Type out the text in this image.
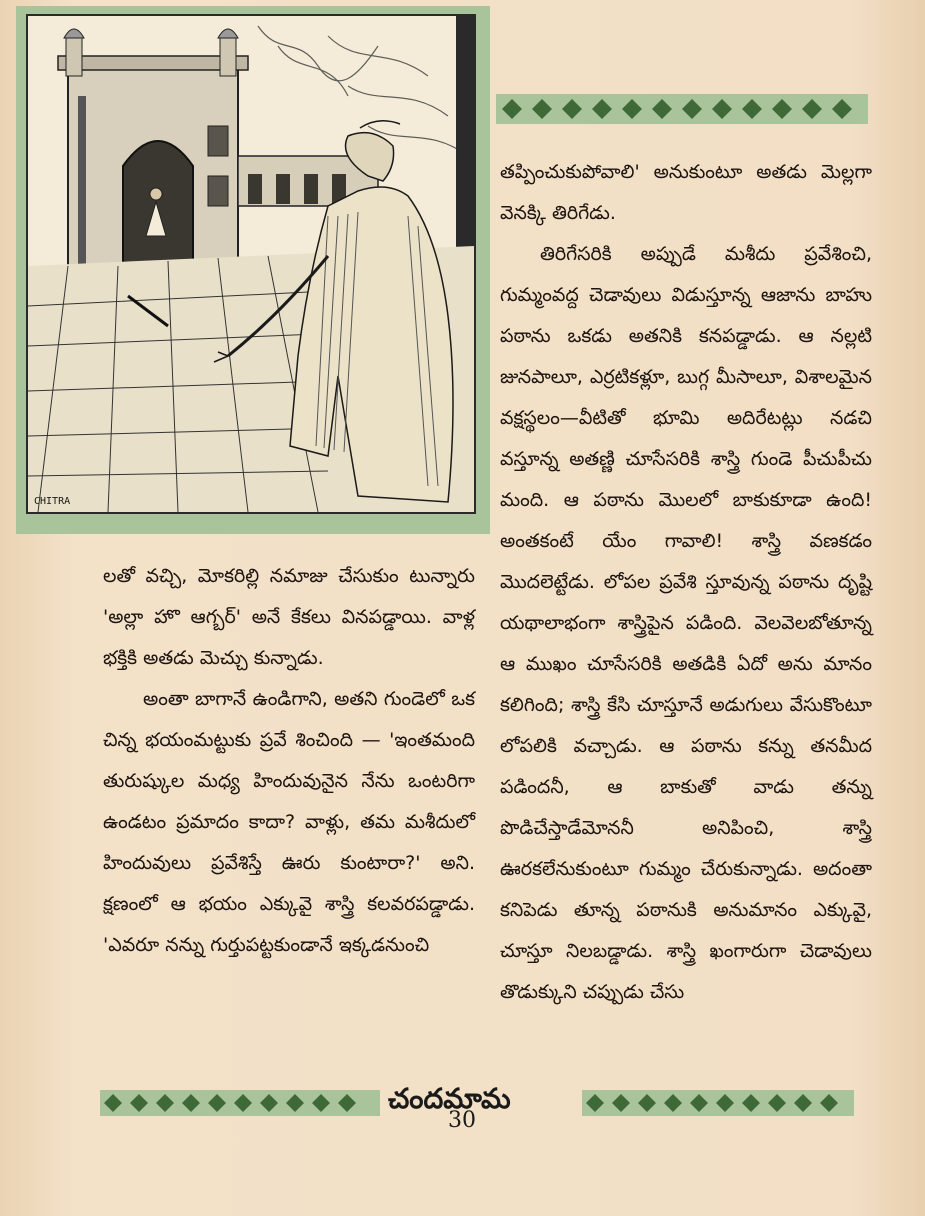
CHITRA

లతో వచ్చి, మోకరిల్లి నమాజు చేసుకుం టున్నారు 'అల్లా హొ ఆగ్బర్' అనే కేకలు వినపడ్డాయి. వాళ్ల భక్తికి అతడు మెచ్చు కున్నాడు.

అంతా బాగానే ఉండిగాని, అతని గుండెలో ఒక చిన్న భయంమట్టుకు ప్రవే శించింది — 'ఇంతమంది తురుష్కుల మధ్య హిందువునైన నేను ఒంటరిగా ఉండటం ప్రమాదం కాదా? వాళ్లు, తమ మశీదులో హిందువులు ప్రవేశిస్తే ఊరు కుంటారా?' అని. క్షణంలో ఆ భయం ఎక్కువై శాస్త్రి కలవరపడ్డాడు. 'ఎవరూ నన్ను గుర్తుపట్టకుండానే ఇక్కడనుంచి

తప్పించుకుపోవాలి' అనుకుంటూ అతడు మెల్లగా వెనక్కి తిరిగేడు.

తిరిగేసరికి అప్పుడే మశీదు ప్రవేశించి, గుమ్మంవద్ద చెడావులు విడుస్తూన్న ఆజాను బాహు పఠాను ఒకడు అతనికి కనపడ్డాడు. ఆ నల్లటి జునపాలూ, ఎర్రటికళ్లూ, బుగ్గ మీసాలూ, విశాలమైన వక్షస్థలం—వీటితో భూమి అదిరేటట్లు నడచి వస్తూన్న అతణ్ణి చూసేసరికి శాస్త్రి గుండె పీచుపీచు మంది. ఆ పఠాను మొలలో బాకుకూడా ఉంది! అంతకంటే యేం గావాలి! శాస్త్రి వణకడం మొదలెట్టేడు. లోపల ప్రవేశి స్తూవున్న పఠాను దృష్టి యథాలాభంగా శాస్త్రిపైన పడింది. వెలవెలబోతూన్న ఆ ముఖం చూసేసరికి అతడికి ఏదో అను మానం కలిగింది; శాస్త్రి కేసి చూస్తూనే అడుగులు వేసుకొంటూ లోపలికి వచ్చాడు. ఆ పఠాను కన్ను తనమీద పడిందనీ, ఆ బాకుతో వాడు తన్ను పొడిచేస్తాడేమోననీ అనిపించి, శాస్త్రి ఊరకలేనుకుంటూ గుమ్మం చేరుకున్నాడు. అదంతా కనిపెడు తూన్న పఠానుకి అనుమానం ఎక్కువై, చూస్తూ నిలబడ్డాడు. శాస్త్రి ఖంగారుగా చెడావులు తొడుక్కుని చప్పుడు చేసు

చందమామ
30
